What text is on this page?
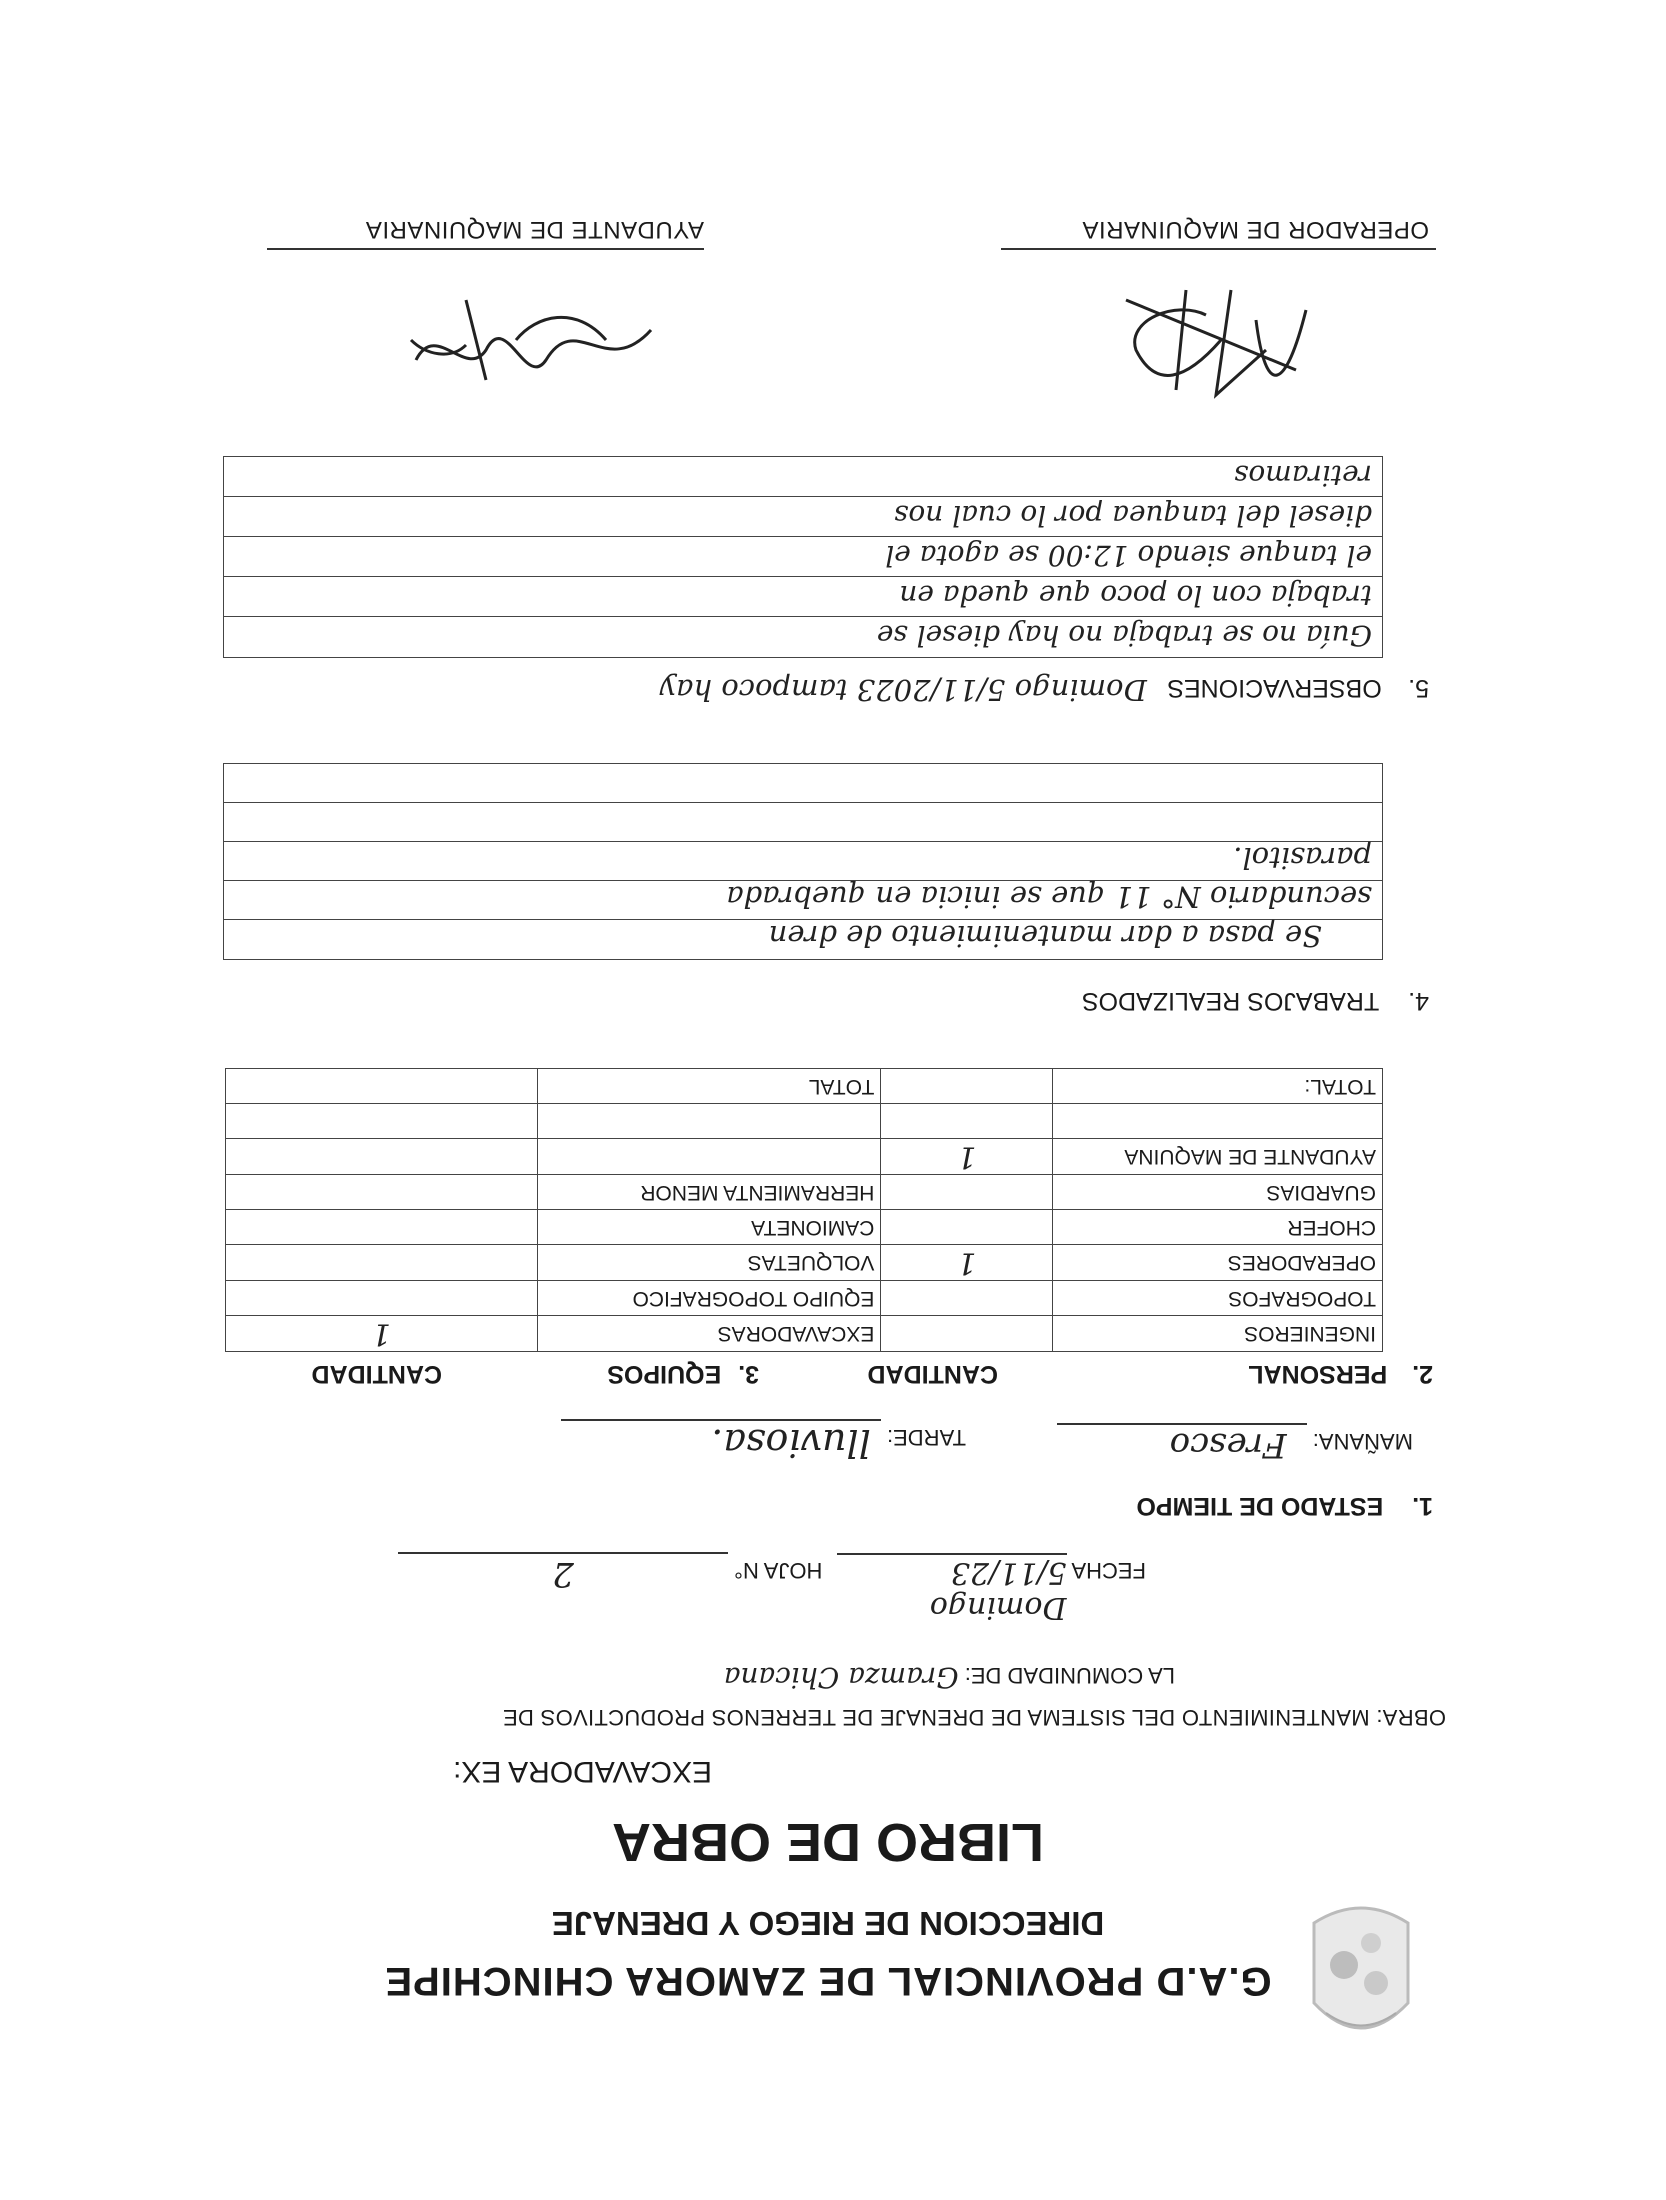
G.A.D PROVINCIAL DE ZAMORA CHINCHIPE
DIRECCION DE RIEGO Y DRENAJE
LIBRO DE OBRA
EXCAVADORA EX:
OBRA: MANTENIMIENTO DEL SISTEMA DE DRENAJE DE TERRENOS PRODUCTIVOS DE
LA COMUNIDAD DE: Gramza Chicana
FECHA Domingo 5/11/23 HOJA N° 2
1. ESTADO DE TIEMPO
MAÑANA: Fresco
TARDE: lluviosa.
2. PERSONAL
CANTIDAD
3. EQUIPOS
CANTIDAD
INGENIEROS		EXCAVADORAS	1
TOPOGRAFOS		EQUIPO TOPOGRAFICO	
OPERADORES	1	VOLQUETAS	
CHOFER		CAMIONETA	
GUARDIAS		HERRAMIENTA MENOR	
AYUDANTE DE MAQUINA	1		

TOTAL:		TOTAL	
4. TRABAJOS REALIZADOS
Se pasa a dar mantenimiento de dren
secundario N° 11 que se inicia en quebrada
parasitol.
5. OBSERVACIONES Domingo 5/11/2023 tampoco hay
Guía no se trabaja no hay diesel se
trabaja con lo poco que queda en
el tanque siendo 12:00 se agota el
diesel del tanquea por lo cual nos
retiramos
OPERADOR DE MAQUINARIA
AYUDANTE DE MAQUINARIA
